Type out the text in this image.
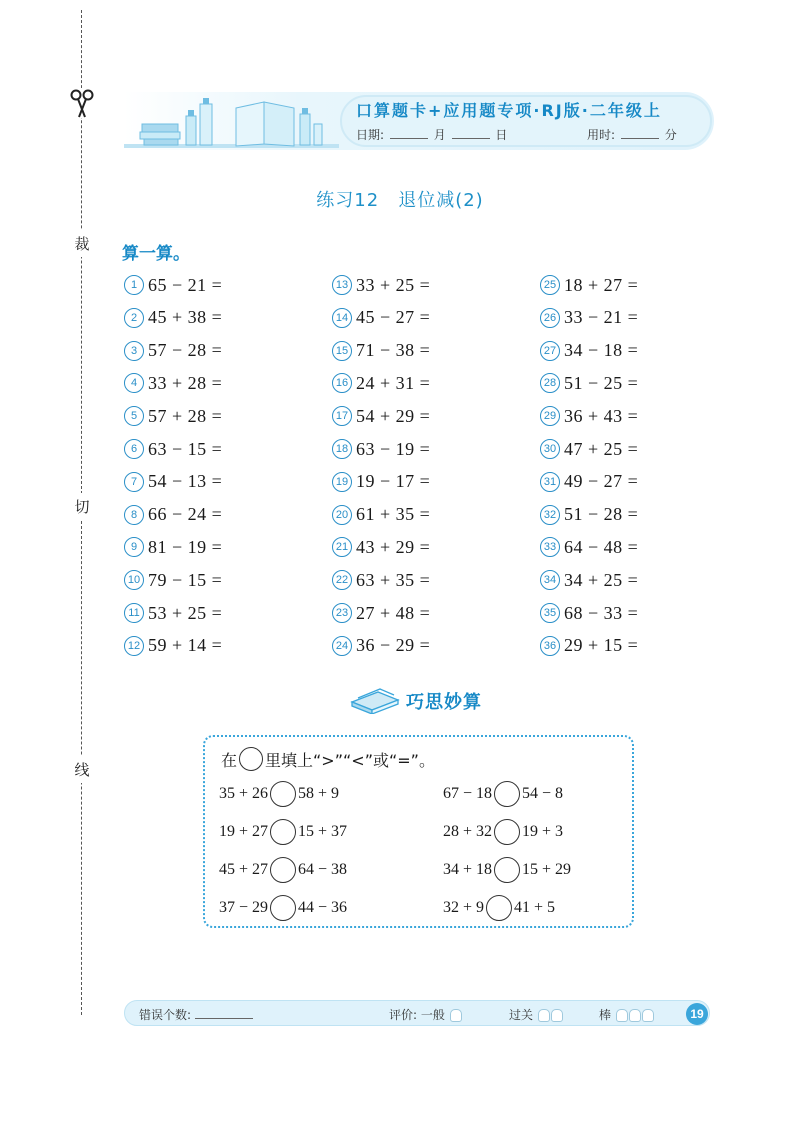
裁
切
线
口算题卡+应用题专项·RJ版·二年级上
日期:	月	日	用时:	分
练习12　退位减(2)
算一算。
1 65 − 21 =
2 45 + 38 =
3 57 − 28 =
4 33 + 28 =
5 57 + 28 =
6 63 − 15 =
7 54 − 13 =
8 66 − 24 =
9 81 − 19 =
10 79 − 15 =
11 53 + 25 =
12 59 + 14 =
13 33 + 25 =
14 45 − 27 =
15 71 − 38 =
16 24 + 31 =
17 54 + 29 =
18 63 − 19 =
19 19 − 17 =
20 61 + 35 =
21 43 + 29 =
22 63 + 35 =
23 27 + 48 =
24 36 − 29 =
25 18 + 27 =
26 33 − 21 =
27 34 − 18 =
28 51 − 25 =
29 36 + 43 =
30 47 + 25 =
31 49 − 27 =
32 51 − 28 =
33 64 − 48 =
34 34 + 25 =
35 68 − 33 =
36 29 + 15 =
巧思妙算
在 里填上“>”“<”或“=”。
35 + 26 58 + 9	67 − 18 54 − 8
19 + 27 15 + 37	28 + 32 19 + 3
45 + 27 64 − 38	34 + 18 15 + 29
37 − 29 44 − 36	32 + 9 41 + 5
错误个数:	评价: 一般	过关	棒	19
